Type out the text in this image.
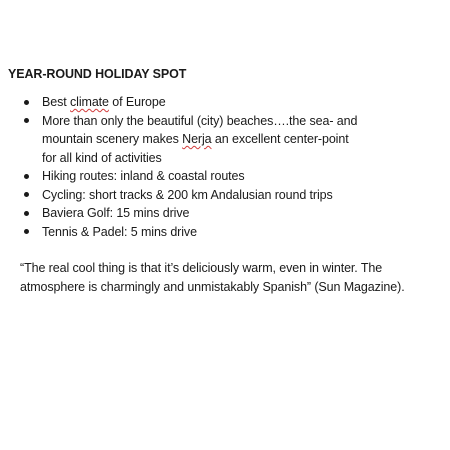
YEAR-ROUND HOLIDAY SPOT
Best climate of Europe
More than only the beautiful (city) beaches….the sea- and
mountain scenery makes Nerja an excellent center-point
for all kind of activities
Hiking routes: inland & coastal routes
Cycling: short tracks & 200 km Andalusian round trips
Baviera Golf: 15 mins drive
Tennis & Padel: 5 mins drive
“The real cool thing is that it’s deliciously warm, even in winter. The
atmosphere is charmingly and unmistakably Spanish” (Sun Magazine).
